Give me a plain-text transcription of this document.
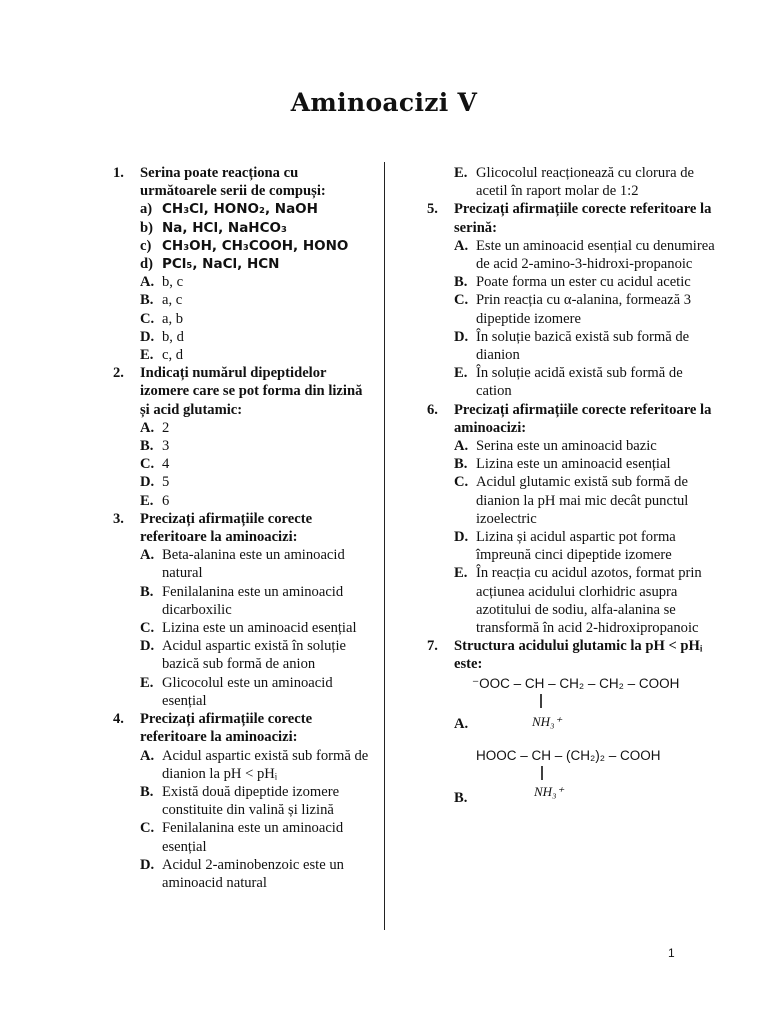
Aminoacizi V
1. Serina poate reacționa cu următoarele serii de compuși:
a) CH₃Cl, HONO₂, NaOH
b) Na, HCl, NaHCO₃
c) CH₃OH, CH₃COOH, HONO
d) PCl₅, NaCl, HCN
A. b, c
B. a, c
C. a, b
D. b, d
E. c, d
2. Indicați numărul dipeptidelor izomere care se pot forma din lizină și acid glutamic:
A. 2
B. 3
C. 4
D. 5
E. 6
3. Precizați afirmațiile corecte referitoare la aminoacizi:
A. Beta-alanina este un aminoacid natural
B. Fenilalanina este un aminoacid dicarboxilic
C. Lizina este un aminoacid esențial
D. Acidul aspartic există în soluție bazică sub formă de anion
E. Glicocolul este un aminoacid esențial
4. Precizați afirmațiile corecte referitoare la aminoacizi:
A. Acidul aspartic există sub formă de dianion la pH < pHᵢ
B. Există două dipeptide izomere constituite din valină și lizină
C. Fenilalanina este un aminoacid esențial
D. Acidul 2-aminobenzoic este un aminoacid natural
E. Glicocolul reacționează cu clorura de acetil în raport molar de 1:2
5. Precizați afirmațiile corecte referitoare la serină:
A. Este un aminoacid esențial cu denumirea de acid 2-amino-3-hidroxi-propanoic
B. Poate forma un ester cu acidul acetic
C. Prin reacția cu α-alanina, formează 3 dipeptide izomere
D. În soluție bazică există sub formă de dianion
E. În soluție acidă există sub formă de cation
6. Precizați afirmațiile corecte referitoare la aminoacizi:
A. Serina este un aminoacid bazic
B. Lizina este un aminoacid esențial
C. Acidul glutamic există sub formă de dianion la pH mai mic decât punctul izoelectric
D. Lizina și acidul aspartic pot forma împreună cinci dipeptide izomere
E. În reacția cu acidul azotos, format prin acțiunea acidului clorhidric asupra azotitului de sodiu, alfa-alanina se transformă în acid 2-hidroxipropanoic
7. Structura acidului glutamic la pH < pHᵢ este:
⁻OOC – CH – CH₂ – CH₂ – COOH
NH₃⁺
A.
HOOC – CH – (CH₂)₂ – COOH
NH₃⁺
B.
1
